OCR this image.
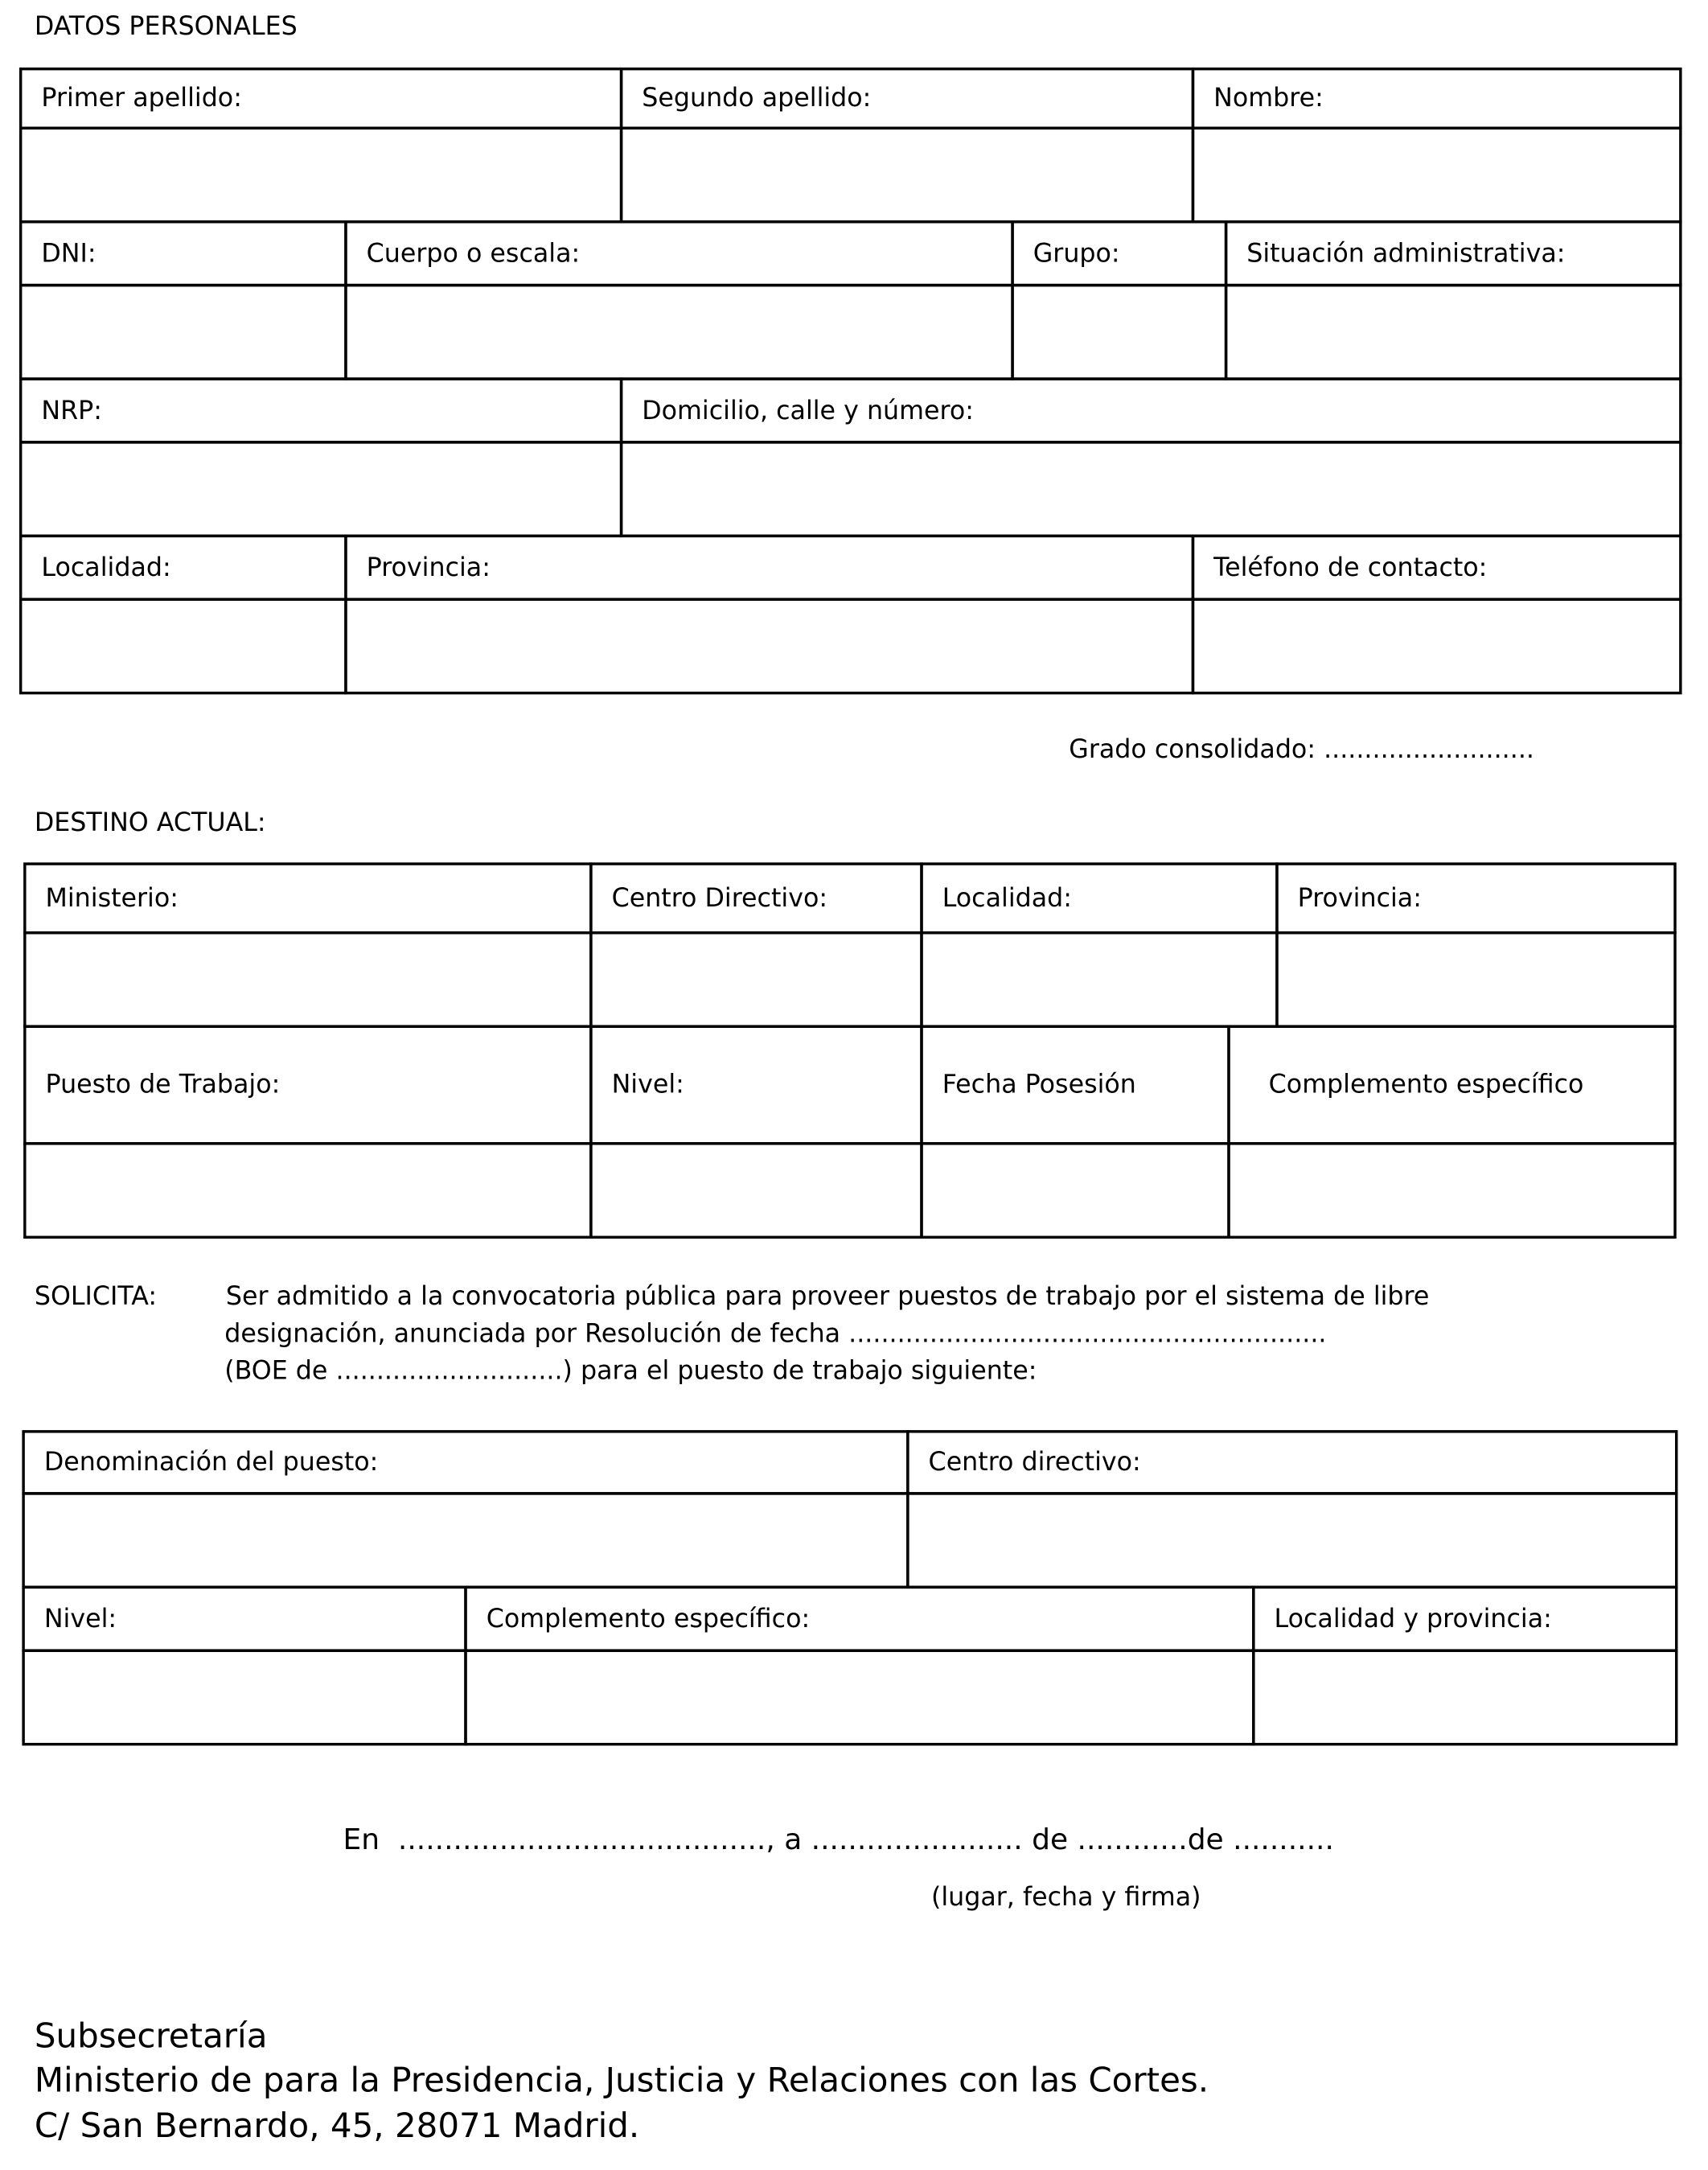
DATOS PERSONALES
Primer apellido:	Segundo apellido:	Nombre:
DNI:	Cuerpo o escala:	Grupo:	Situación administrativa:
NRP:	Domicilio, calle y número:
Localidad:	Provincia:	Teléfono de contacto:
Grado consolidado: ..........................
DESTINO ACTUAL:
Ministerio:	Centro Directivo:	Localidad:	Provincia:
Puesto de Trabajo:	Nivel:	Fecha Posesión	Complemento específico
SOLICITA:	Ser admitido a la convocatoria pública para proveer puestos de trabajo por el sistema de libre
designación, anunciada por Resolución de fecha ...........................................................
(BOE de ............................) para el puesto de trabajo siguiente:
Denominación del puesto:	Centro directivo:
Nivel:	Complemento específico:	Localidad y provincia:
En  ........................................, a ....................... de ............de ...........
(lugar, fecha y firma)
Subsecretaría
Ministerio de para la Presidencia, Justicia y Relaciones con las Cortes.
C/ San Bernardo, 45, 28071 Madrid.
